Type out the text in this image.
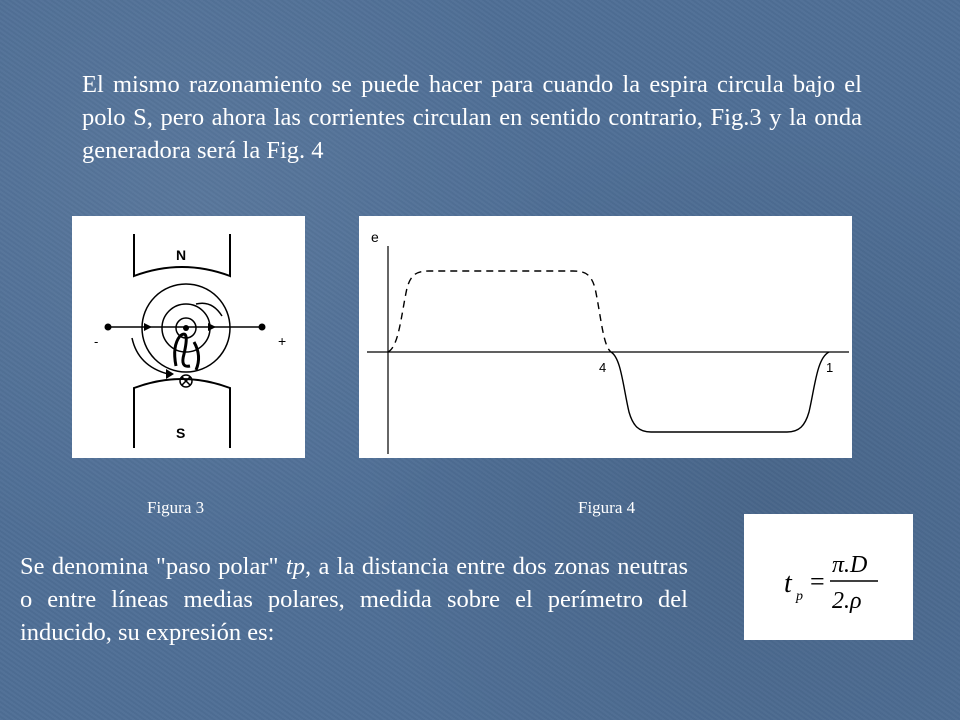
El mismo razonamiento se puede hacer para cuando la espira circula bajo el polo S, pero ahora las corrientes circulan en sentido contrario, Fig.3 y la onda generadora será la Fig. 4

N
S
-	+
e
4	1
Figura 3	Figura 4

Se denomina "paso polar" tp, a la distancia entre dos zonas neutras o entre líneas medias polares, medida sobre el perímetro del inducido, su expresión es:

t p
=
π.D
2.ρ
